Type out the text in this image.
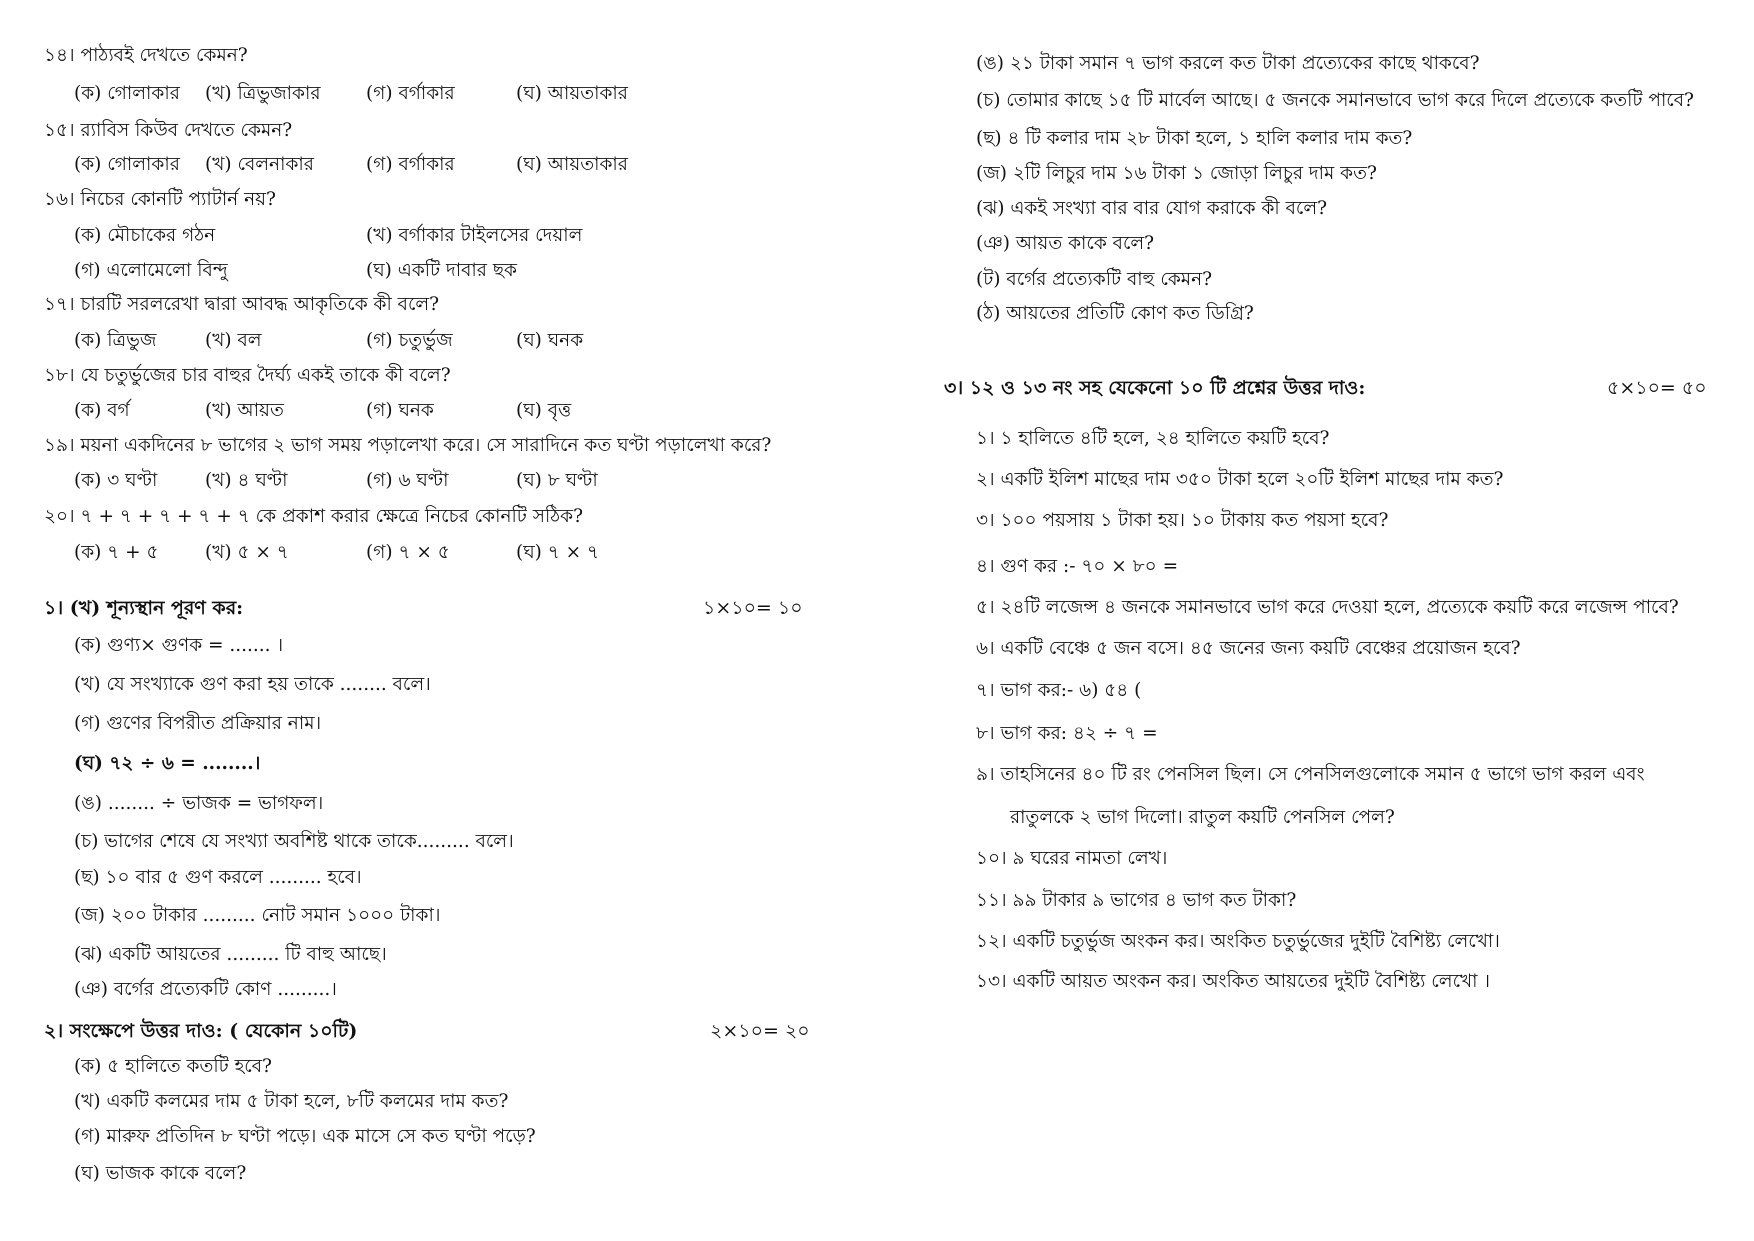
১৪। পাঠ্যবই দেখতে কেমন?
(ক) গোলাকার (খ) ত্রিভুজাকার (গ) বর্গাকার	(ঘ) আয়তাকার
১৫। র‍্যাবিস কিউব দেখতে কেমন?
(ক) গোলাকার (খ) বেলনাকার	(গ) বর্গাকার	(ঘ) আয়তাকার
১৬। নিচের কোনটি প্যাটার্ন নয়?
(ক) মৌচাকের গঠন	(খ) বর্গাকার টাইলসের দেয়াল
(গ) এলোমেলো বিন্দু	(ঘ) একটি দাবার ছক
১৭। চারটি সরলরেখা দ্বারা আবদ্ধ আকৃতিকে কী বলে?
(ক) ত্রিভুজ	(খ) বল	(গ) চতুর্ভুজ	(ঘ) ঘনক
১৮। যে চতুর্ভুজের চার বাহুর দৈর্ঘ্য একই তাকে কী বলে?
(ক) বর্গ	(খ) আয়ত	(গ) ঘনক	(ঘ) বৃত্ত
১৯। ময়না একদিনের ৮ ভাগের ২ ভাগ সময় পড়ালেখা করে। সে সারাদিনে কত ঘণ্টা পড়ালেখা করে?
(ক) ৩ ঘণ্টা	(খ) ৪ ঘণ্টা	(গ) ৬ ঘণ্টা	(ঘ) ৮ ঘণ্টা
২০। ৭ + ৭ + ৭ + ৭ + ৭ কে প্রকাশ করার ক্ষেত্রে নিচের কোনটি সঠিক?
(ক) ৭ + ৫	(খ) ৫ × ৭	(গ) ৭ × ৫	(ঘ) ৭ × ৭
১। (খ) শূন্যস্থান পূরণ কর:	১×১০= ১০
(ক) গুণ্য× গুণক = ....... ।
(খ) যে সংখ্যাকে গুণ করা হয় তাকে ........ বলে।
(গ) গুণের বিপরীত প্রক্রিয়ার নাম।
(ঘ) ৭২ ÷ ৬ = ........।
(ঙ) ........ ÷ ভাজক = ভাগফল।
(চ) ভাগের শেষে যে সংখ্যা অবশিষ্ট থাকে তাকে......... বলে।
(ছ) ১০ বার ৫ গুণ করলে ......... হবে।
(জ) ২০০ টাকার ......... নোট সমান ১০০০ টাকা।
(ঝ) একটি আয়তের ......... টি বাহু আছে।
(ঞ) বর্গের প্রত্যেকটি কোণ .........।
২। সংক্ষেপে উত্তর দাও: ( যেকোন ১০টি)	২×১০= ২০
(ক) ৫ হালিতে কতটি হবে?
(খ) একটি কলমের দাম ৫ টাকা হলে, ৮টি কলমের দাম কত?
(গ) মারুফ প্রতিদিন ৮ ঘণ্টা পড়ে। এক মাসে সে কত ঘণ্টা পড়ে?
(ঘ) ভাজক কাকে বলে?
(ঙ) ২১ টাকা সমান ৭ ভাগ করলে কত টাকা প্রত্যেকের কাছে থাকবে?
(চ) তোমার কাছে ১৫ টি মার্বেল আছে। ৫ জনকে সমানভাবে ভাগ করে দিলে প্রত্যেকে কতটি পাবে?
(ছ) ৪ টি কলার দাম ২৮ টাকা হলে, ১ হালি কলার দাম কত?
(জ) ২টি লিচুর দাম ১৬ টাকা ১ জোড়া লিচুর দাম কত?
(ঝ) একই সংখ্যা বার বার যোগ করাকে কী বলে?
(ঞ) আয়ত কাকে বলে?
(ট) বর্গের প্রত্যেকটি বাহু কেমন?
(ঠ) আয়তের প্রতিটি কোণ কত ডিগ্রি?
৩। ১২ ও ১৩ নং সহ যেকেনো ১০ টি প্রশ্নের উত্তর দাও:	৫×১০= ৫০
১। ১ হালিতে ৪টি হলে, ২৪ হালিতে কয়টি হবে?
২। একটি ইলিশ মাছের দাম ৩৫০ টাকা হলে ২০টি ইলিশ মাছের দাম কত?
৩। ১০০ পয়সায় ১ টাকা হয়। ১০ টাকায় কত পয়সা হবে?
৪। গুণ কর :- ৭০ × ৮০ =
৫। ২৪টি লজেন্স ৪ জনকে সমানভাবে ভাগ করে দেওয়া হলে, প্রত্যেকে কয়টি করে লজেন্স পাবে?
৬। একটি বেঞ্চে ৫ জন বসে। ৪৫ জনের জন্য কয়টি বেঞ্চের প্রয়োজন হবে?
৭। ভাগ কর:- ৬) ৫৪ (
৮। ভাগ কর: ৪২ ÷ ৭ =
৯। তাহসিনের ৪০ টি রং পেনসিল ছিল। সে পেনসিলগুলোকে সমান ৫ ভাগে ভাগ করল এবং
রাতুলকে ২ ভাগ দিলো। রাতুল কয়টি পেনসিল পেল?
১০। ৯ ঘরের নামতা লেখ।
১১। ৯৯ টাকার ৯ ভাগের ৪ ভাগ কত টাকা?
১২। একটি চতুর্ভুজ অংকন কর। অংকিত চতুর্ভুজের দুইটি বৈশিষ্ট্য লেখো।
১৩। একটি আয়ত অংকন কর। অংকিত আয়তের দুইটি বৈশিষ্ট্য লেখো ।
